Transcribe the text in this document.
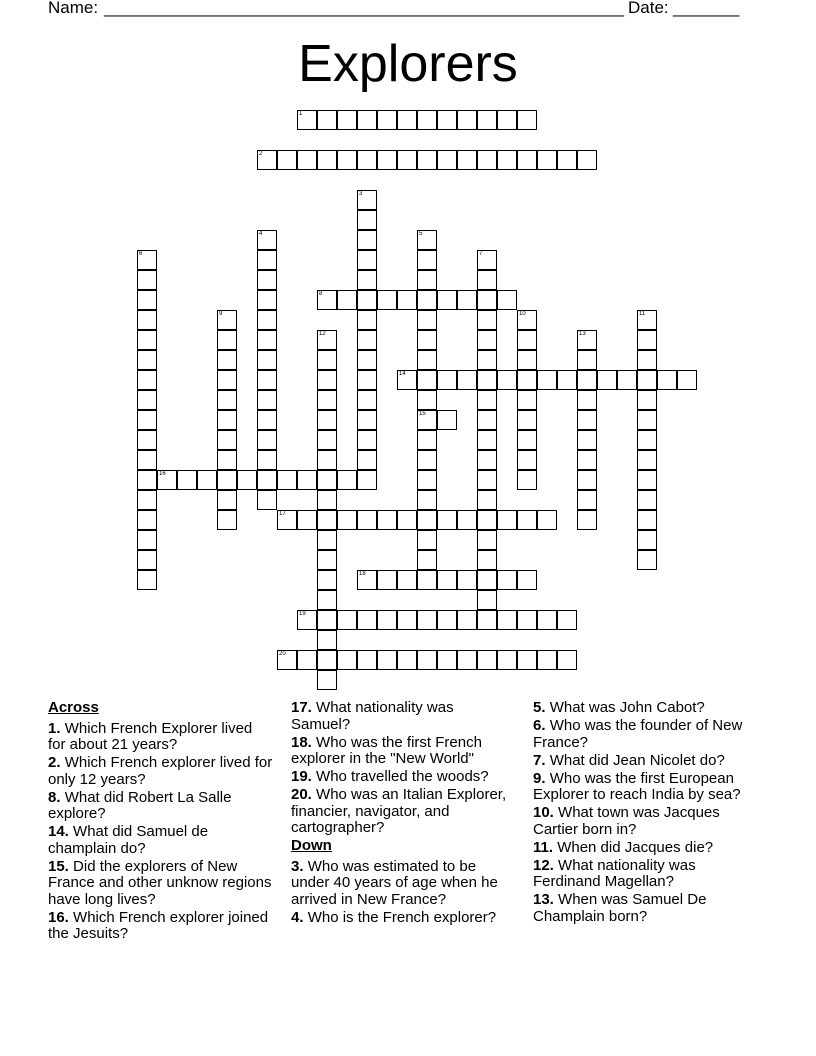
Name: _______________________________________________________ Date: _______
Explorers
1
2
3
4	5
15
6	7
8
9	10	11
12	13
14
16
17
18
19
20
Across
1. Which French Explorer lived for about 21 years?
2. Which French explorer lived for only 12 years?
8. What did Robert La Salle explore?
14. What did Samuel de champlain do?
15. Did the explorers of New France and other unknow regions have long lives?
16. Which French explorer joined the Jesuits?
17. What nationality was Samuel?
18. Who was the first French explorer in the "New World"
19. Who travelled the woods?
20. Who was an Italian Explorer, financier, navigator, and cartographer?
Down
3. Who was estimated to be under 40 years of age when he arrived in New France?
4. Who is the French explorer?
5. What was John Cabot?
6. Who was the founder of New France?
7. What did Jean Nicolet do?
9. Who was the first European Explorer to reach India by sea?
10. What town was Jacques Cartier born in?
11. When did Jacques die?
12. What nationality was Ferdinand Magellan?
13. When was Samuel De Champlain born?
